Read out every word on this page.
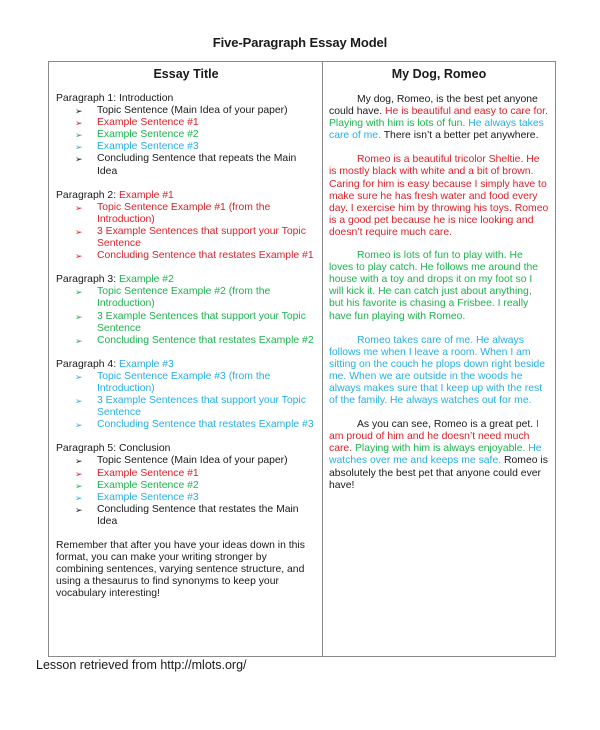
Five-Paragraph Essay Model
Essay Title
Paragraph 1: Introduction
➢ Topic Sentence (Main Idea of your paper)
➢ Example Sentence #1
➢ Example Sentence #2
➢ Example Sentence #3
➢ Concluding Sentence that repeats the Main Idea
Paragraph 2: Example #1
➢ Topic Sentence Example #1 (from the Introduction)
➢ 3 Example Sentences that support your Topic Sentence
➢ Concluding Sentence that restates Example #1
Paragraph 3: Example #2
➢ Topic Sentence Example #2 (from the Introduction)
➢ 3 Example Sentences that support your Topic Sentence
➢ Concluding Sentence that restates Example #2
Paragraph 4: Example #3
➢ Topic Sentence Example #3 (from the Introduction)
➢ 3 Example Sentences that support your Topic Sentence
➢ Concluding Sentence that restates Example #3
Paragraph 5: Conclusion
➢ Topic Sentence (Main Idea of your paper)
➢ Example Sentence #1
➢ Example Sentence #2
➢ Example Sentence #3
➢ Concluding Sentence that restates the Main Idea
Remember that after you have your ideas down in this format, you can make your writing stronger by combining sentences, varying sentence structure, and using a thesaurus to find synonyms to keep your vocabulary interesting!
My Dog, Romeo

My dog, Romeo, is the best pet anyone could have. He is beautiful and easy to care for. Playing with him is lots of fun. He always takes care of me. There isn’t a better pet anywhere.

Romeo is a beautiful tricolor Sheltie. He is mostly black with white and a bit of brown. Caring for him is easy because I simply have to make sure he has fresh water and food every day. I exercise him by throwing his toys. Romeo is a good pet because he is nice looking and doesn’t require much care.

Romeo is lots of fun to play with. He loves to play catch. He follows me around the house with a toy and drops it on my foot so I will kick it. He can catch just about anything, but his favorite is chasing a Frisbee. I really have fun playing with Romeo.

Romeo takes care of me. He always follows me when I leave a room. When I am sitting on the couch he plops down right beside me. When we are outside in the woods he always makes sure that I keep up with the rest of the family. He always watches out for me.

As you can see, Romeo is a great pet. I am proud of him and he doesn’t need much care. Playing with him is always enjoyable. He watches over me and keeps me safe. Romeo is absolutely the best pet that anyone could ever have!

Lesson retrieved from http://mlots.org/
